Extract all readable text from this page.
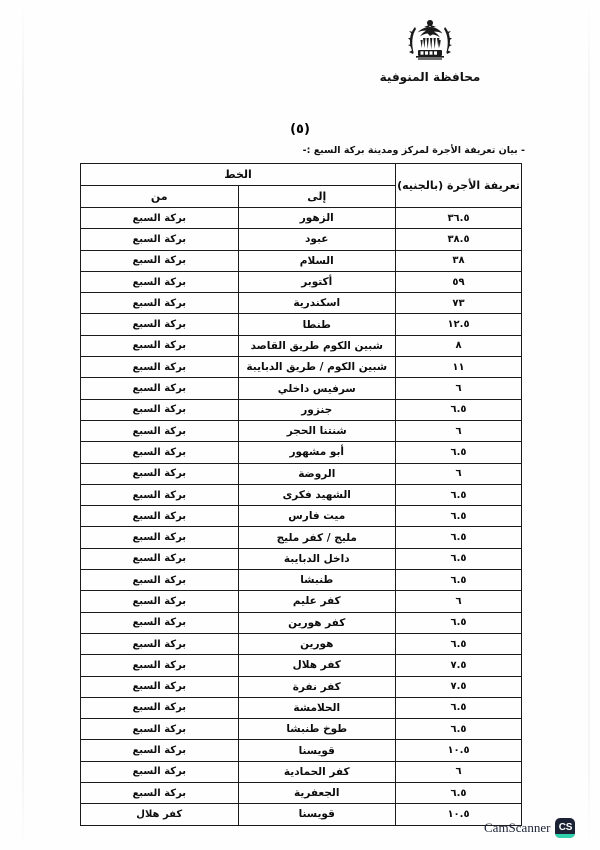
محافظة المنوفية
(٥)
- بيان تعريفة الأجرة لمركز ومدينة بركة السبع :-
تعريفة الأجرة (بالجنيه)	الخط	
	إلى	من
٣٦.٥	الزهور	بركة السبع
٣٨.٥	عبود	بركة السبع
٣٨	السلام	بركة السبع
٥٩	أكتوبر	بركة السبع
٧٣	اسكندرية	بركة السبع
١٢.٥	طنطا	بركة السبع
٨	شبين الكوم طريق القاصد	بركة السبع
١١	شبين الكوم / طريق الدبايبة	بركة السبع
٦	سرفيس داخلي	بركة السبع
٦.٥	جنزور	بركة السبع
٦	شنتنا الحجر	بركة السبع
٦.٥	أبو مشهور	بركة السبع
٦	الروضة	بركة السبع
٦.٥	الشهيد فكرى	بركة السبع
٦.٥	ميت فارس	بركة السبع
٦.٥	مليج / كفر مليج	بركة السبع
٦.٥	داخل الدبايبة	بركة السبع
٦.٥	طنبشا	بركة السبع
٦	كفر عليم	بركة السبع
٦.٥	كفر هورين	بركة السبع
٦.٥	هورين	بركة السبع
٧.٥	كفر هلال	بركة السبع
٧.٥	كفر نفرة	بركة السبع
٦.٥	الحلامشة	بركة السبع
٦.٥	طوخ طنبشا	بركة السبع
١٠.٥	قويسنا	بركة السبع
٦	كفر الحمادية	بركة السبع
٦.٥	الجعفرية	بركة السبع
١٠.٥	قويسنا	كفر هلال
CS
CamScanner
